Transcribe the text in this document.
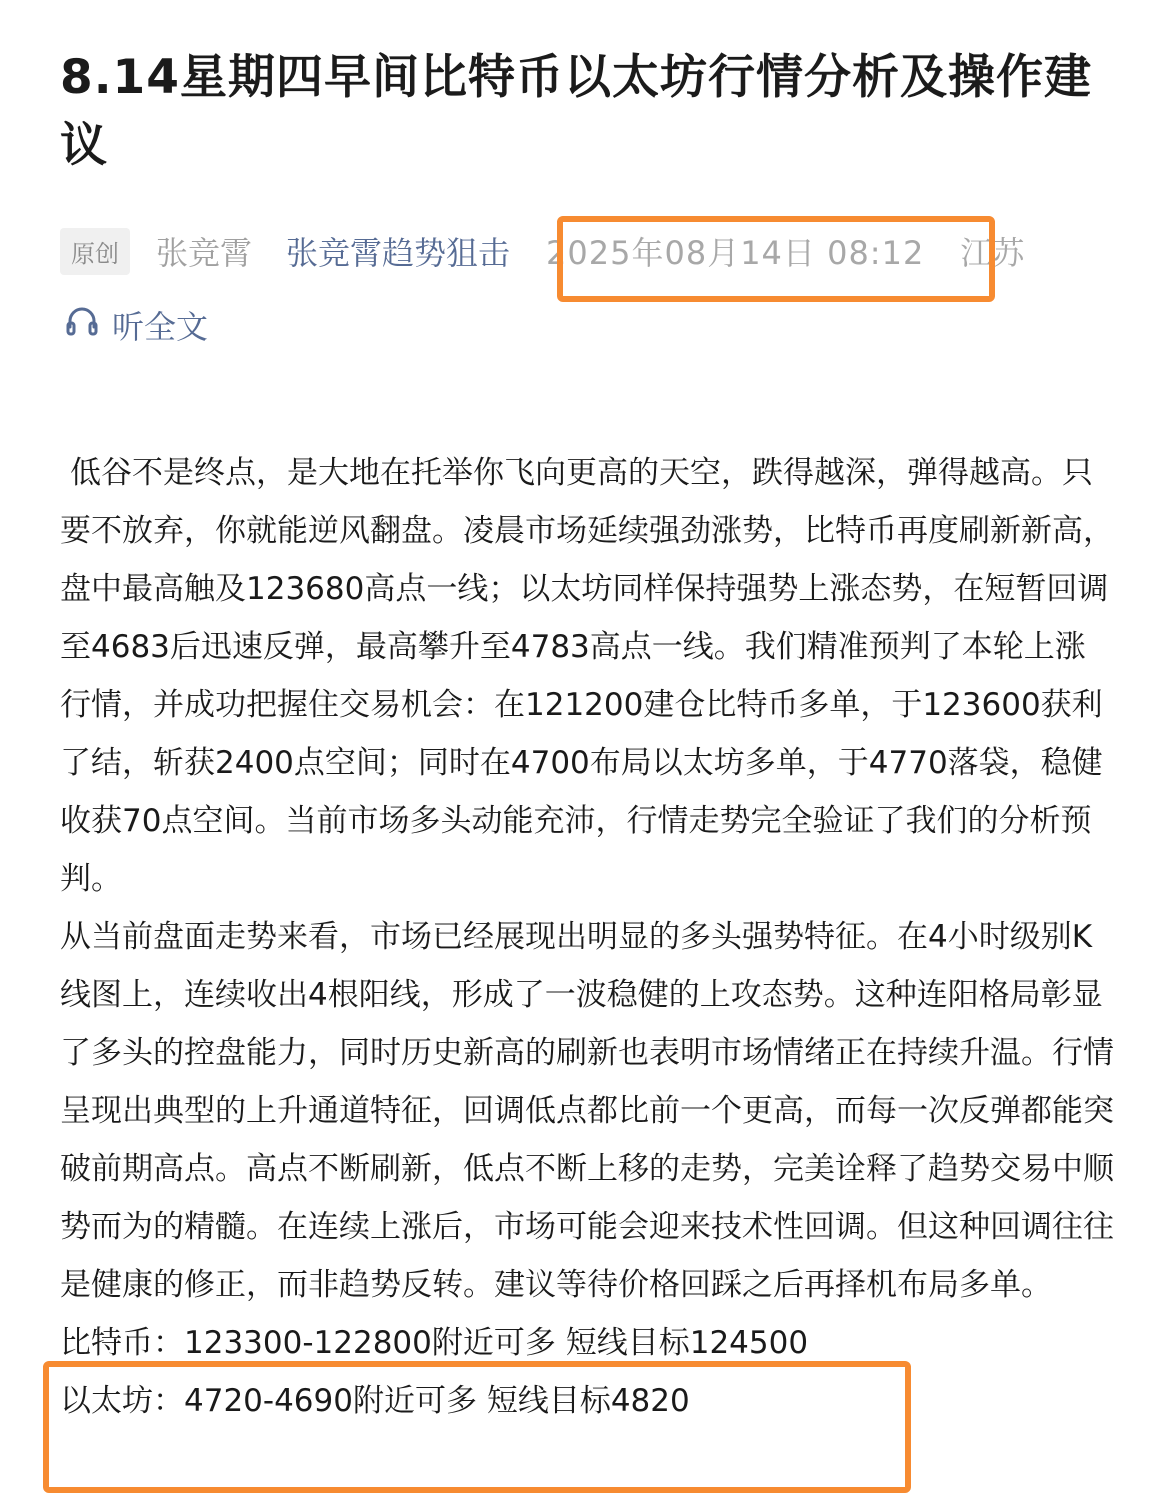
8.14星期四早间比特币以太坊行情分析及操作建议
原创	张竞霄 张竞霄趋势狙击 2025年08月14日 08:12 江苏
听全文

低谷不是终点，是大地在托举你飞向更高的天空，跌得越深，弹得越高。只要不放弃，你就能逆风翻盘。凌晨市场延续强劲涨势，比特币再度刷新新高，盘中最高触及123680高点一线；以太坊同样保持强势上涨态势，在短暂回调至4683后迅速反弹，最高攀升至4783高点一线。我们精准预判了本轮上涨行情，并成功把握住交易机会：在121200建仓比特币多单，于123600获利了结，斩获2400点空间；同时在4700布局以太坊多单，于4770落袋，稳健收获70点空间。当前市场多头动能充沛，行情走势完全验证了我们的分析预判。

从当前盘面走势来看，市场已经展现出明显的多头强势特征。在4小时级别K线图上，连续收出4根阳线，形成了一波稳健的上攻态势。这种连阳格局彰显了多头的控盘能力，同时历史新高的刷新也表明市场情绪正在持续升温。行情呈现出典型的上升通道特征，回调低点都比前一个更高，而每一次反弹都能突破前期高点。高点不断刷新，低点不断上移的走势，完美诠释了趋势交易中顺势而为的精髓。在连续上涨后，市场可能会迎来技术性回调。但这种回调往往是健康的修正，而非趋势反转。建议等待价格回踩之后再择机布局多单。

比特币：123300-122800附近可多 短线目标124500

以太坊：4720-4690附近可多 短线目标4820
